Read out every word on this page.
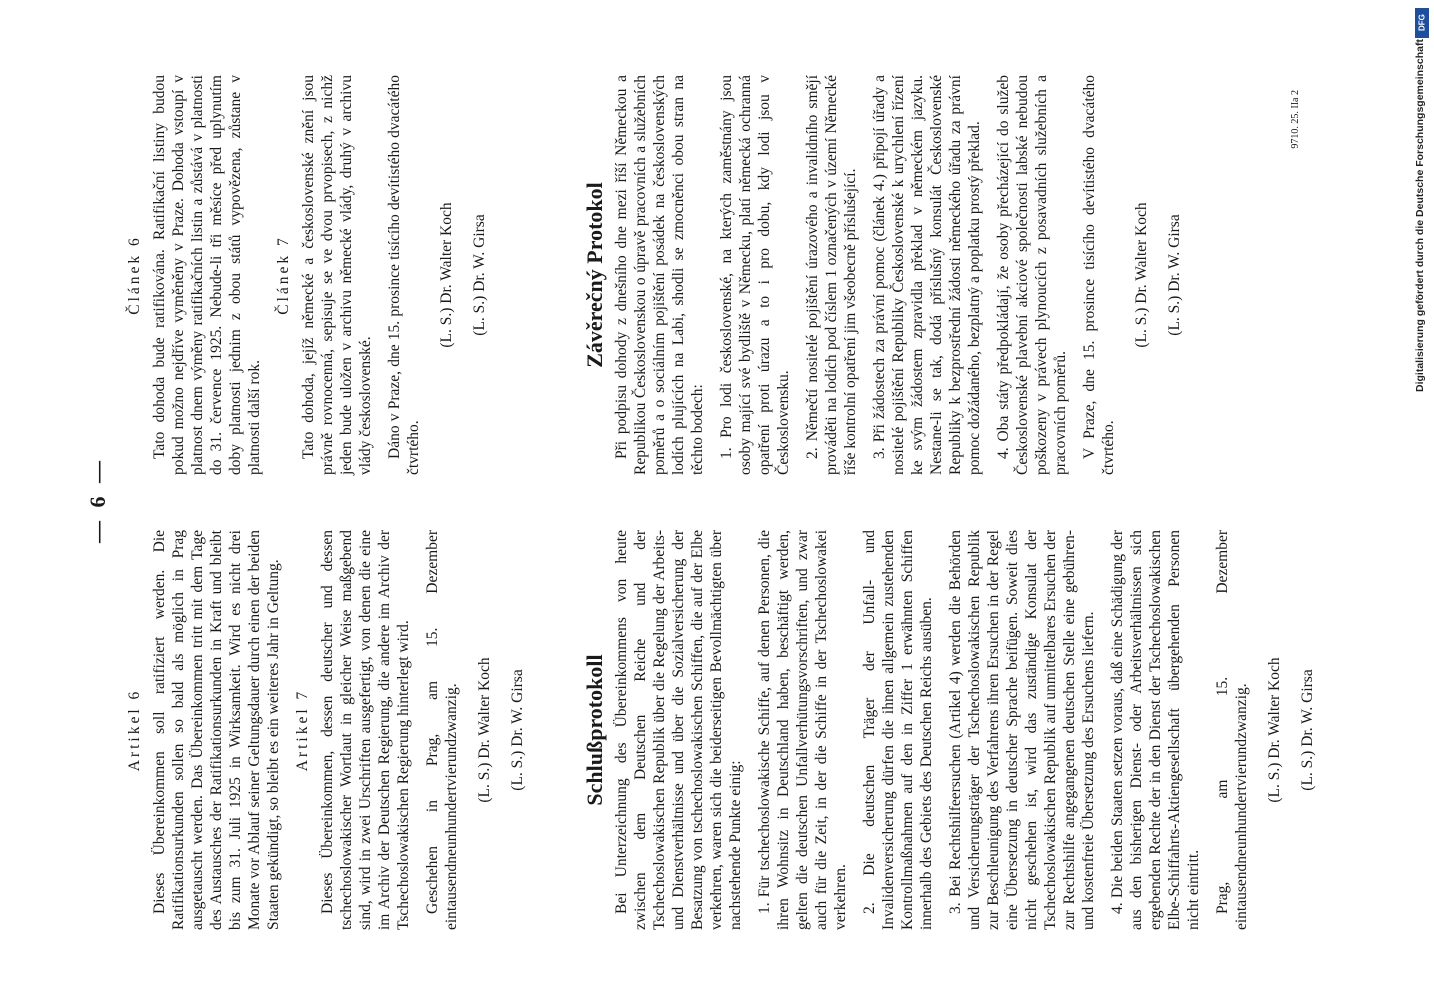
— 6 —
Artikel 6 Dieses Übereinkommen soll ratifiziert werden. Die Ratifikationsurkunden sollen so bald als möglich in Prag ausgetauscht werden. Das Übereinkommen tritt mit dem Tage des Austausches der Ratifikationsurkunden in Kraft und bleibt bis zum 31. Juli 1925 in Wirksamkeit. Wird es nicht drei Monate vor Ablauf seiner Geltungsdauer durch einen der beiden Staaten gekündigt, so bleibt es ein weiteres Jahr in Geltung. Artikel 7 Dieses Übereinkommen, dessen deutscher und dessen tschechoslowakischer Wortlaut in gleicher Weise maßgebend sind, wird in zwei Urschriften ausgefertigt, von denen die eine im Archiv der Deutschen Regierung, die andere im Archiv der Tschechoslowakischen Regierung hinterlegt wird. Geschehen in Prag, am 15. Dezember eintausendneunhundertvierundzwanzig. (L. S.) Dr. Walter Koch (L. S.) Dr. W. Girsa
Článek 6 Tato dohoda bude ratifikována. Ratifikační listiny budou pokud možno nejdříve vyměněny v Praze. Dohoda vstoupí v platnost dnem výměny ratifikačních listin a zůstává v platnosti do 31. července 1925. Nebude-li tři měsíce před uplynutím doby platnosti jednim z obou států vypovězena, zůstane v platnosti další rok.

Článek 7 Tato dohoda, jejíž německé a československé znění jsou právně rovnocenná, sepisuje se ve dvou prvopisech, z nichž jeden bude uložen v archivu německé vlády, druhý v archivu vlády československé. Dáno v Praze, dne 15. prosince tisícího devítistého dvacátého čtvrtého.

(L. S.) Dr. Walter Koch (L. S.) Dr. W. Girsa
Schlußprotokoll Bei Unterzeichnung des Übereinkommens von heute zwischen dem Deutschen Reiche und der Tschechoslowakischen Republik über die Regelung der Arbeits- und Dienstverhältnisse und über die Sozialversicherung der Besatzung von tschechoslowakischen Schiffen, die auf der Elbe verkehren, waren sich die beiderseitigen Bevollmächtigten über nachstehende Punkte einig: 1. Für tschechoslowakische Schiffe, auf denen Personen, die ihren Wohnsitz in Deutschland haben, beschäftigt werden, gelten die deutschen Unfallverhütungsvorschriften, und zwar auch für die Zeit, in der die Schiffe in der Tschechoslowakei verkehren. 2. Die deutschen Träger der Unfall- und Invalidenversicherung dürfen die ihnen allgemein zustehenden Kontrollmaßnahmen auf den in Ziffer 1 erwähnten Schiffen innerhalb des Gebiets des Deutschen Reichs ausüben. 3. Bei Rechtshilfeersuchen (Artikel 4) werden die Behörden und Versicherungsträger der Tschechoslowakischen Republik zur Beschleunigung des Verfahrens ihren Ersuchen in der Regel eine Übersetzung in deutscher Sprache beifügen. Soweit dies nicht geschehen ist, wird das zuständige Konsulat der Tschechoslowakischen Republik auf unmittelbares Ersuchen der zur Rechtshilfe angegangenen deutschen Stelle eine gebühren- und kostenfreie Übersetzung des Ersuchens liefern. 4. Die beiden Staaten setzen voraus, daß eine Schädigung der aus den bisherigen Dienst- oder Arbeitsverhältnissen sich ergebenden Rechte der in den Dienst der Tschechoslowakischen Elbe-Schiffahrts-Aktiengesellschaft übergehenden Personen nicht eintritt. Prag, am 15. Dezember eintausendneunhundertvierundzwanzig. (L. S.) Dr. Walter Koch (L. S.) Dr. W. Girsa
Závěrečný Protokol Při podpisu dohody z dnešního dne mezi říší Německou a Republikou Československou o úpravě pracovních a služebních poměrů a o sociálním pojištění posádek na československých lodích plujících na Labi, shodli se zmocněnci obou stran na těchto bodech: 1. Pro lodi československé, na kterých zaměstnány jsou osoby mající své bydliště v Německu, platí německá ochranná opatření proti úrazu a to i pro dobu, kdy lodi jsou v Československu. 2. Němečtí nositelé pojištění úrazového a invalidního smějí prováděti na lodích pod číslem 1 označených v území Německé říše kontrolní opatření jim všeobecně příslušející. 3. Při žádostech za právní pomoc (článek 4.) připojí úřady a nositelé pojištění Republiky Československé k urychlení řízení ke svým žádostem zpravidla překlad v německém jazyku. Nestane-li se tak, dodá příslušný konsulát Československé Republiky k bezprostřední žádosti německého úřadu za právní pomoc dožádaného, bezplatný a poplatku prostý překlad. 4. Oba státy předpokládají, že osoby přecházející do služeb Československé plavební akciové společnosti labské nebudou poškozeny v právech plynoucích z posavadních služebních a pracovních poměrů. V Praze, dne 15. prosince tisícího devítistého dvacátého čtvrtého.

(L. S.) Dr. Walter Koch (L. S.) Dr. W. Girsa
9710. 25. IIa 2
DFG
Digitalisierung gefördert durch die Deutsche Forschungsgemeinschaft
